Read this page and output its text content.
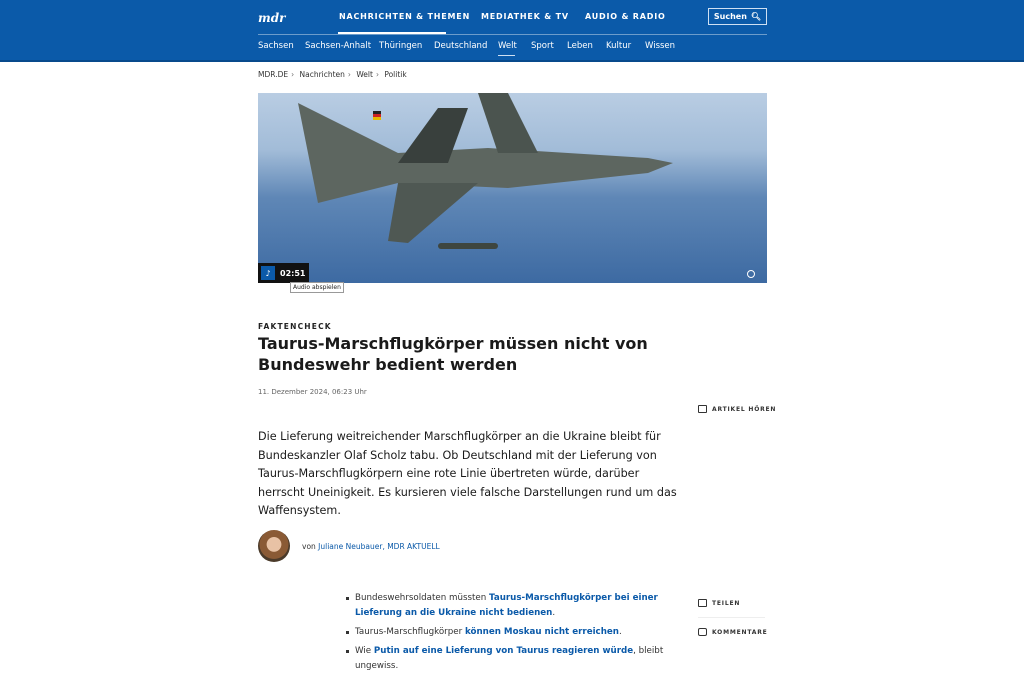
mdr	NACHRICHTEN & THEMEN MEDIATHEK & TV AUDIO & RADIO	Suchen 🔍︎
Sachsen Sachsen-Anhalt Thüringen Deutschland Welt Sport Leben Kultur Wissen
MDR.DE › Nachrichten › Welt › Politik
♪	02:51
Audio abspielen
FAKTENCHECK
Taurus-Marschflugkörper müssen nicht von Bundeswehr bedient werden
11. Dezember 2024, 06:23 Uhr
ARTIKEL HÖREN

Die Lieferung weitreichender Marschflugkörper an die Ukraine bleibt für Bundeskanzler Olaf Scholz tabu. Ob Deutschland mit der Lieferung von Taurus-Marschflugkörpern eine rote Linie übertreten würde, darüber herrscht Uneinigkeit. Es kursieren viele falsche Darstellungen rund um das Waffensystem.

von Juliane Neubauer, MDR AKTUELL
Bundeswehrsoldaten müssten Taurus-Marschflugkörper bei einer Lieferung an die Ukraine nicht bedienen.
Taurus-Marschflugkörper können Moskau nicht erreichen.
Wie Putin auf eine Lieferung von Taurus reagieren würde, bleibt ungewiss.
TEILEN
KOMMENTARE
